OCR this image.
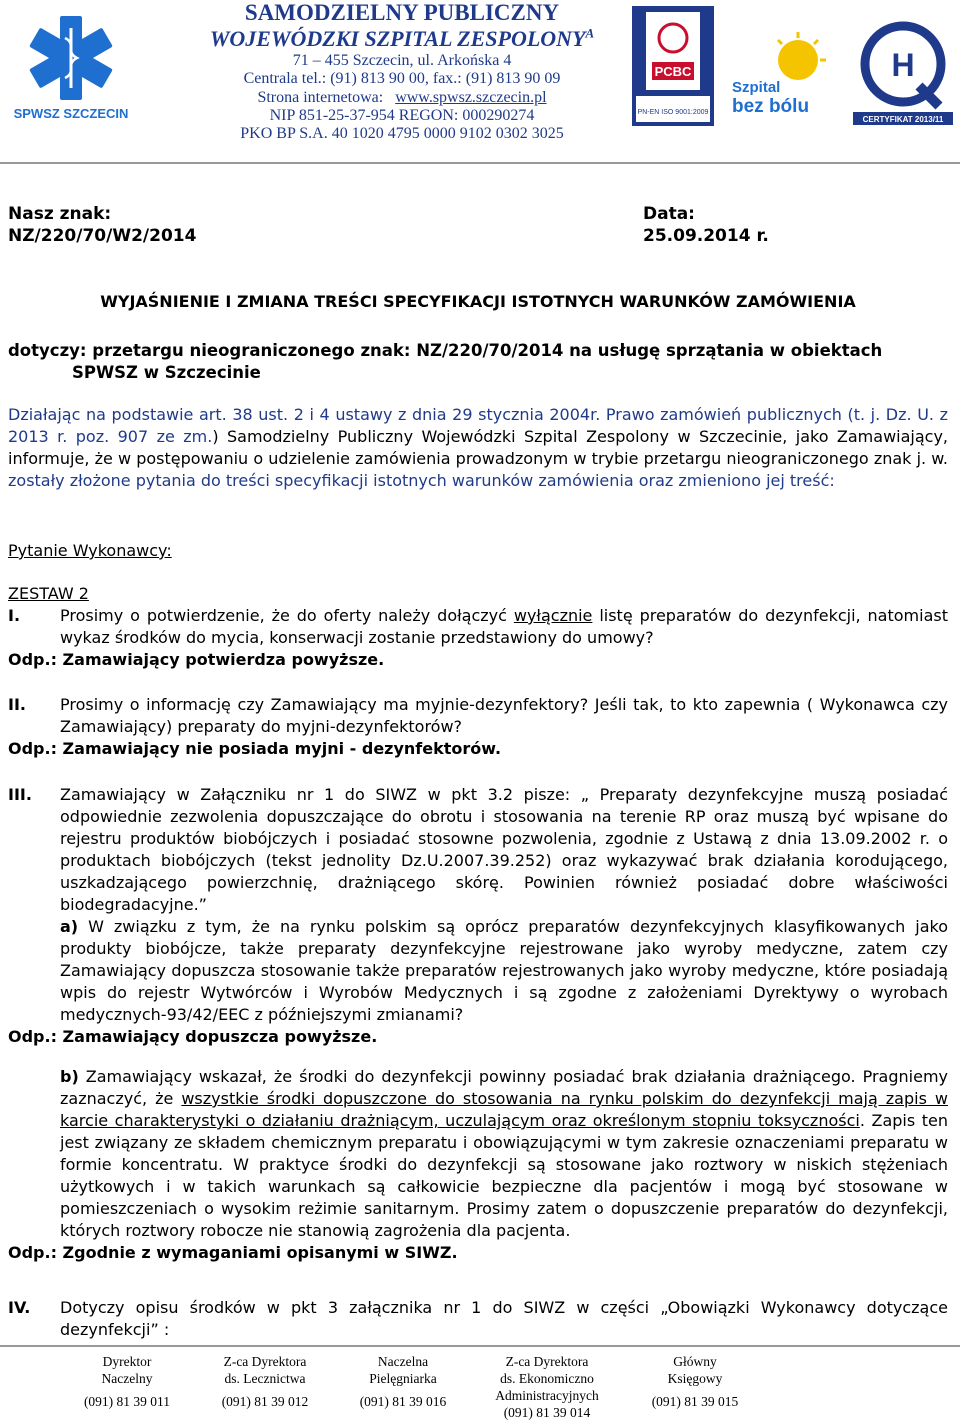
SPWSZ SZCZECIN
SAMODZIELNY PUBLICZNY
WOJEWÓDZKI SZPITAL $ZESPOLONY^A$
71 – 455 Szczecin, ul. Arkońska 4
Centrala tel.: (91) 813 90 00, fax.: (91) 813 90 09
Strona internetowa: www.spwsz.szczecin.pl
NIP 851-25-37-954 REGON: 000290274
PKO BP S.A. 40 1020 4795 0000 9102 0302 3025
PCBC
PN-EN ISO 9001:2009
Szpital
bez bólu
H
CERTYFIKAT 2013/11
Nasz znak:
NZ/220/70/W2/2014
Data:
25.09.2014 r.
WYJAŚNIENIE I ZMIANA TREŚCI SPECYFIKACJI ISTOTNYCH WARUNKÓW ZAMÓWIENIA

dotyczy: przetargu nieograniczonego znak: NZ/220/70/2014 na usługę sprzątania w obiektach

SPWSZ w Szczecinie

Działając na podstawie art. 38 ust. 2 i 4 ustawy z dnia 29 stycznia 2004r. Prawo zamówień publicznych (t. j. Dz. U. z 2013 r. poz. 907 ze zm.) Samodzielny Publiczny Wojewódzki Szpital Zespolony w Szczecinie, jako Zamawiający, informuje, że w postępowaniu o udzielenie zamówienia prowadzonym w trybie przetargu nieograniczonego znak j. w. zostały złożone pytania do treści specyfikacji istotnych warunków zamówienia oraz zmieniono jej treść:

Pytanie Wykonawcy:
ZESTAW 2
I.	Prosimy o potwierdzenie, że do oferty należy dołączyć wyłącznie listę preparatów do dezynfekcji, natomiast wykaz środków do mycia, konserwacji zostanie przedstawiony do umowy?

Odp.: Zamawiający potwierdza powyższe.

II.	Prosimy o informację czy Zamawiający ma myjnie-dezynfektory? Jeśli tak, to kto zapewnia ( Wykonawca czy Zamawiający) preparaty do myjni-dezynfektorów?

Odp.: Zamawiający nie posiada myjni - dezynfektorów.

III.	Zamawiający w Załączniku nr 1 do SIWZ w pkt 3.2 pisze: „ Preparaty dezynfekcyjne muszą posiadać odpowiednie zezwolenia dopuszczające do obrotu i stosowania na terenie RP oraz muszą być wpisane do rejestru produktów biobójczych i posiadać stosowne pozwolenia, zgodnie z Ustawą z dnia 13.09.2002 r. o produktach biobójczych (tekst jednolity Dz.U.2007.39.252) oraz wykazywać brak działania korodującego, uszkadzającego powierzchnię, drażniącego skórę. Powinien również posiadać dobre właściwości biodegradacyjne.”

a) W związku z tym, że na rynku polskim są oprócz preparatów dezynfekcyjnych klasyfikowanych jako produkty biobójcze, także preparaty dezynfekcyjne rejestrowane jako wyroby medyczne, zatem czy Zamawiający dopuszcza stosowanie także preparatów rejestrowanych jako wyroby medyczne, które posiadają wpis do rejestr Wytwórców i Wyrobów Medycznych i są zgodne z założeniami Dyrektywy o wyrobach medycznych-93/42/EEC z późniejszymi zmianami?

Odp.: Zamawiający dopuszcza powyższe.

b) Zamawiający wskazał, że środki do dezynfekcji powinny posiadać brak działania drażniącego. Pragniemy zaznaczyć, że wszystkie środki dopuszczone do stosowania na rynku polskim do dezynfekcji mają zapis w karcie charakterystyki o działaniu drażniącym, uczulającym oraz określonym stopniu toksyczności. Zapis ten jest związany ze składem chemicznym preparatu i obowiązującymi w tym zakresie oznaczeniami preparatu w formie koncentratu. W praktyce środki do dezynfekcji są stosowane jako roztwory w niskich stężeniach użytkowych i w takich warunkach są całkowicie bezpieczne dla pacjentów i mogą być stosowane w pomieszczeniach o wysokim reżimie sanitarnym. Prosimy zatem o dopuszczenie preparatów do dezynfekcji, których roztwory robocze nie stanowią zagrożenia dla pacjenta.

Odp.: Zgodnie z wymaganiami opisanymi w SIWZ.

IV.	Dotyczy opisu środków w pkt 3 załącznika nr 1 do SIWZ w części „Obowiązki Wykonawcy dotyczące dezynfekcji” :

Dyrektor
Naczelny
(091) 81 39 011
Z-ca Dyrektora
ds. Lecznictwa
(091) 81 39 012
Naczelna
Pielęgniarka
(091) 81 39 016
Z-ca Dyrektora
ds. Ekonomiczno
Administracyjnych
(091) 81 39 014
Główny
Księgowy
(091) 81 39 015
